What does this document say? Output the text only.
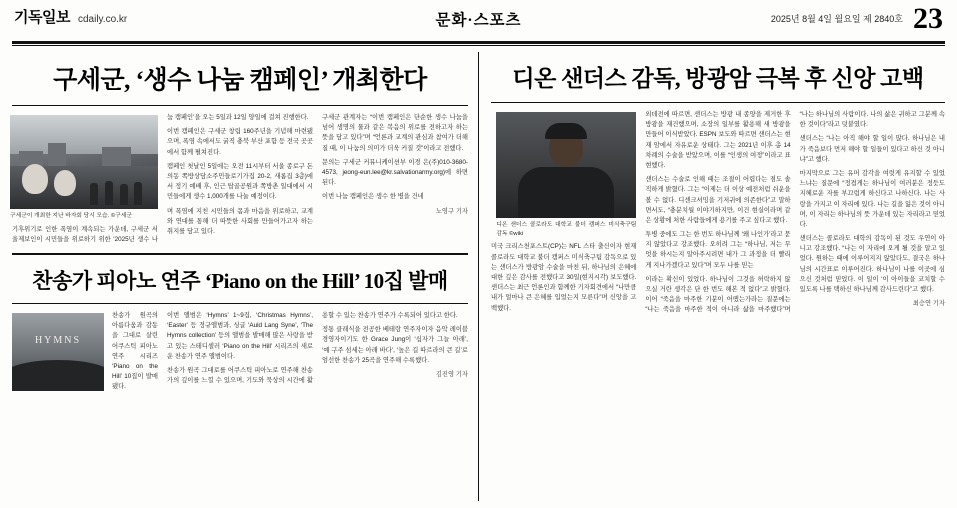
기독일보 cdaily.co.kr	문화·스포츠	2025년 8월 4일 월요일 제 2840호 23
구세군, ‘생수 나눔 캠페인’ 개최한다
구세군이 개최한 지난 바자회 당시 모습. ©구세군

기후위기로 인한 폭염이 계속되는 가운데, 구세군 서울제보인이 시민들을 위로하기 위한 ‘2025년 생수 나눔 캠페인’을 오는 5일과 12일 양일에 걸쳐 진행한다.

이번 캠페인은 구세군 창립 160주년을 기념해 마련됐으며, 폭염 속에서도 굵직 충북 부산 포함 등 전국 곳곳에서 함께 펼쳐진다.

캠페인 첫날인 5일에는 오전 11시부터 서울 종로구 돈의동 쪽방상담소주민들로기가집 20-2, 새롬집 3층)에서 정기 예배 후, 인근 탑골공원과 쪽방촌 일대에서 시민들에게 생수 1,000개를 나눌 예정이다.

며 폭염에 지친 시민들의 몸과 마음을 위로하고, 교계와 연대를 통해 더 따뜻한 사회를 만들어가고자 하는 취지를 담고 있다.

구세군 관계자는 “이번 캠페인은 단순한 생수 나눔을 넘어 생명의 물과 같은 복음의 위로를 전하고자 하는 뜻을 담고 있다”며 “언론과 교계의 관심과 참여가 더해질 때, 이 나눔의 의미가 더욱 커질 것”이라고 전했다.

문의는 구세군 커뮤니케이션부 이경 은(주)010-3680-4573, jeong-eun.lee@kr.salvationarmy.org)에 하면 된다.

이번 나눔 캠페인은 생수 한 병을 건네

노영구 기자

찬송가 피아노 연주 ‘Piano on the Hill’ 10집 발매
HYMNS

찬송가 원곡의 아름다움과 감동을 그대로 살린 어쿠스틱 피아노 연주 시리즈 ‘Piano on the Hill’ 10집이 발매됐다.

이번 앨범은 ‘Hymns’ 1~9집, ‘Christmas Hymns’, ‘Easter’ 등 정규앨범과, 싱글 ‘Auld Lang Syne’, ‘The Hymns collection’ 등의 앨범을 발매해 많은 사랑을 받고 있는 스테디셀러 ‘Piano on the Hill’ 시리즈의 새로운 찬송가 연주 앨범이다.

찬송가 원곡 그대로를 어쿠스틱 피아노로 연주해 찬송가의 깊이를 느낄 수 있으며, 기도와 묵상의 시간에 활용할 수 있는 찬송가 연주가 수록되어 있다고 한다.

정통 클래식을 전공한 베테랑 연주자이자 음악 레이블 경영자이기도 한 Grace Jung이 ‘십자가 그늘 아래’, ‘예 구주 섬세는 아래 바다’, ‘높은 길 따르라의 큰 길’로 엄선한 찬송가 25곡을 연주해 수록했다.

김진영 기자

디온 샌더스 감독, 방광암 극복 후 신앙 고백
디온 샌더스 콜로라도 대학교 불더 캠퍼스 미식축구팀 감독 ©wiki

미국 크리스천포스트(CP)는 NFL 스타 출신이자 현재 콜로라도 대학교 불더 캠퍼스 미식축구팀 감독으로 있는 샌더스가 방광암 수술을 마친 뒤, 하나님의 은혜에 대한 깊은 감사를 전했다고 30일(현지시각) 보도했다. 샌더스는 최근 언론인과 함께한 기자회견에서 “나만큼 내가 얼마나 큰 은혜를 입었는지 모른다”며 신앙을 고백했다.

외데전에 따르면, 샌더스는 방광 내 종양을 제거한 후 방광을 재건했으며, 소장의 일부를 활용해 새 방광을 만들어 이식받았다. ESPN 보도와 따르면 샌더스는 현재 암에서 자유로운 상태다. 그는 2021년 이후 총 14차례의 수술을 받았으며, 이를 “인생의 여정”이라고 표현했다.

샌더스는 수술로 인해 때는 조절이 어렵다는 점도 솔직하게 밝혔다. 그는 “이제는 더 이상 예전처럼 쉬운을 볼 수 없다. 디센크셔밍을 기저귀에 의존한다”고 말하면서도, “충분치월 이야기하지만, 이건 현실이라며 같은 상황에 처한 사람들에게 용기를 주고 싶다고 했다.

투병 중에도 그는 한 번도 하나님께 ‘왜 나인가’라고 묻지 않았다고 강조했다. 오히려 그는 “하나님, 저는 무엇을 하시는지 알아주시려면 내가 그 과정을 더 빨리게 지나가겠다고 있다”며 모두 나를 믿는

이라는 확신이 있었다. 하나님이 그것을 허락하지 않으실 거란 생각은 단 한 번도 해본 적 없다”고 밝혔다. 이어 “죽음을 마주한 기분이 어땠는가라는 질문에는 “나는 죽음을 마주한 적이 아니라 삶을 마주했다”며 “나는 하나님의 사람이다. 나의 삶은 귀하고 그분께 속한 것이다”라고 덧붙였다.

샌더스는 “나는 아직 해야 할 일이 많다. 하나님은 내가 죽음보다 먼저 해야 할 일들이 있다고 하신 것 아니냐”고 했다.

마지막으로 그는 유머 감각을 여럿게 유지할 수 있었느냐는 질문에 “정겹게는 하나님이 여러분은 정듯도 지혜로운 자를 부끄럽게 하신다고 나하신다. 나는 사랑을 가지고 이 자리에 있다. 나는 길을 잃은 것이 아니며, 이 자리는 하나님의 뜻 가운데 있는 자리라고 믿었다.

샌더스는 콜로라도 대학의 감독이 된 것도 우연이 아니고 강조했다. “나는 이 자리에 오게 될 것을 알고 있었다. 원하는 때에 이루어지지 않았다도, 결국은 하나님의 시간표로 이루어진다. 하나님이 나를 이곳에 심으신 것처럼 믿었다. 이 일이 ‘이 아이들을 코치할 수 있도록 나를 택하신 하나님께 감사드린다”고 했다.

최승연 기자
